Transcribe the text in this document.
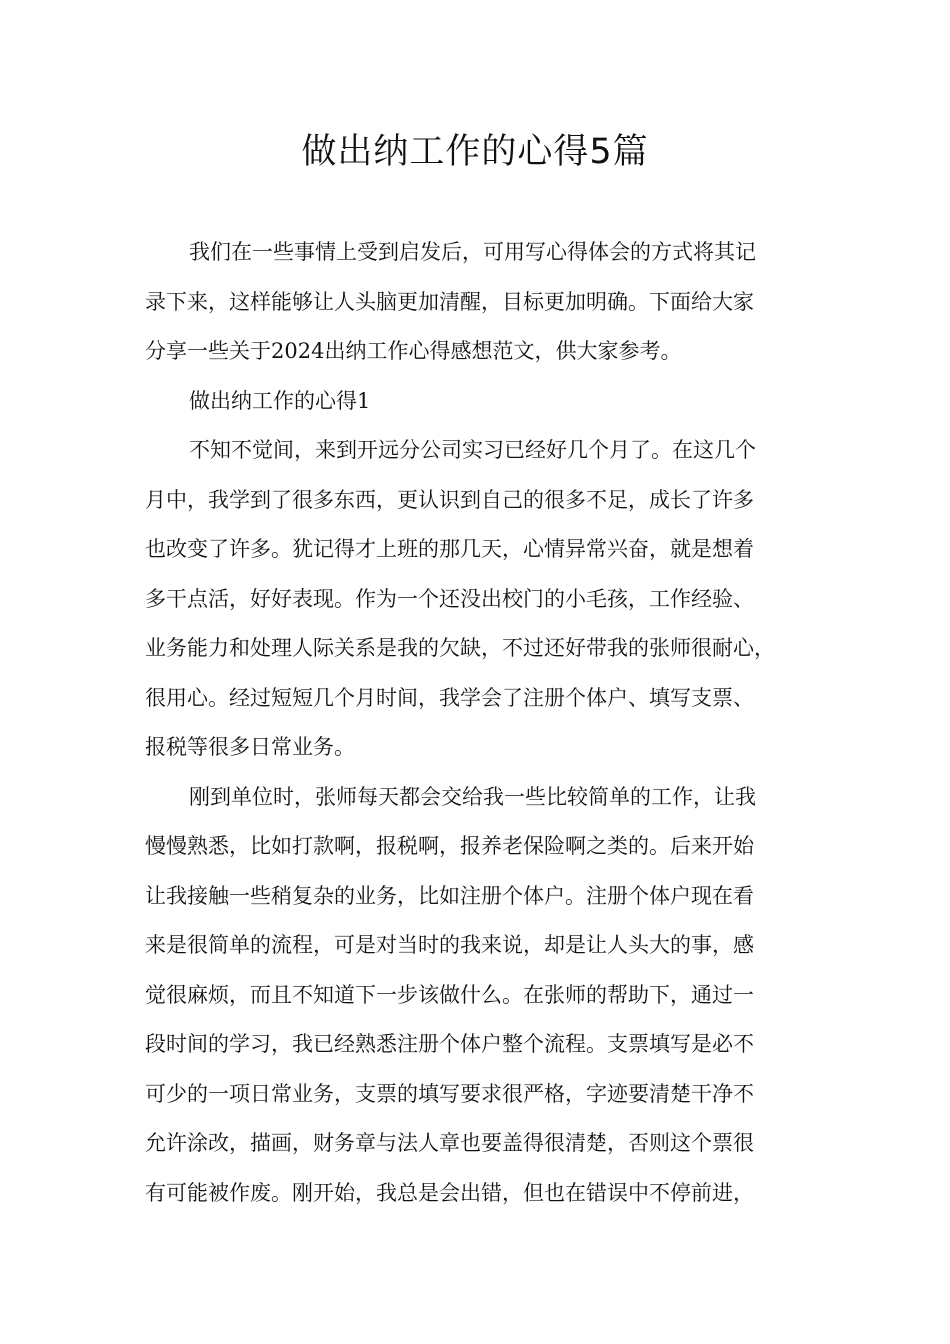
做出纳工作的心得5篇
我们在一些事情上受到启发后，可用写心得体会的方式将其记
录下来，这样能够让人头脑更加清醒，目标更加明确。下面给大家
分享一些关于2024出纳工作心得感想范文，供大家参考。
做出纳工作的心得1
不知不觉间，来到开远分公司实习已经好几个月了。在这几个
月中，我学到了很多东西，更认识到自己的很多不足，成长了许多
也改变了许多。犹记得才上班的那几天，心情异常兴奋，就是想着
多干点活，好好表现。作为一个还没出校门的小毛孩，工作经验、
业务能力和处理人际关系是我的欠缺，不过还好带我的张师很耐心，
很用心。经过短短几个月时间，我学会了注册个体户、填写支票、
报税等很多日常业务。
刚到单位时，张师每天都会交给我一些比较简单的工作，让我
慢慢熟悉，比如打款啊，报税啊，报养老保险啊之类的。后来开始
让我接触一些稍复杂的业务，比如注册个体户。注册个体户现在看
来是很简单的流程，可是对当时的我来说，却是让人头大的事，感
觉很麻烦，而且不知道下一步该做什么。在张师的帮助下，通过一
段时间的学习，我已经熟悉注册个体户整个流程。支票填写是必不
可少的一项日常业务，支票的填写要求很严格，字迹要清楚干净不
允许涂改，描画，财务章与法人章也要盖得很清楚，否则这个票很
有可能被作废。刚开始，我总是会出错，但也在错误中不停前进，
